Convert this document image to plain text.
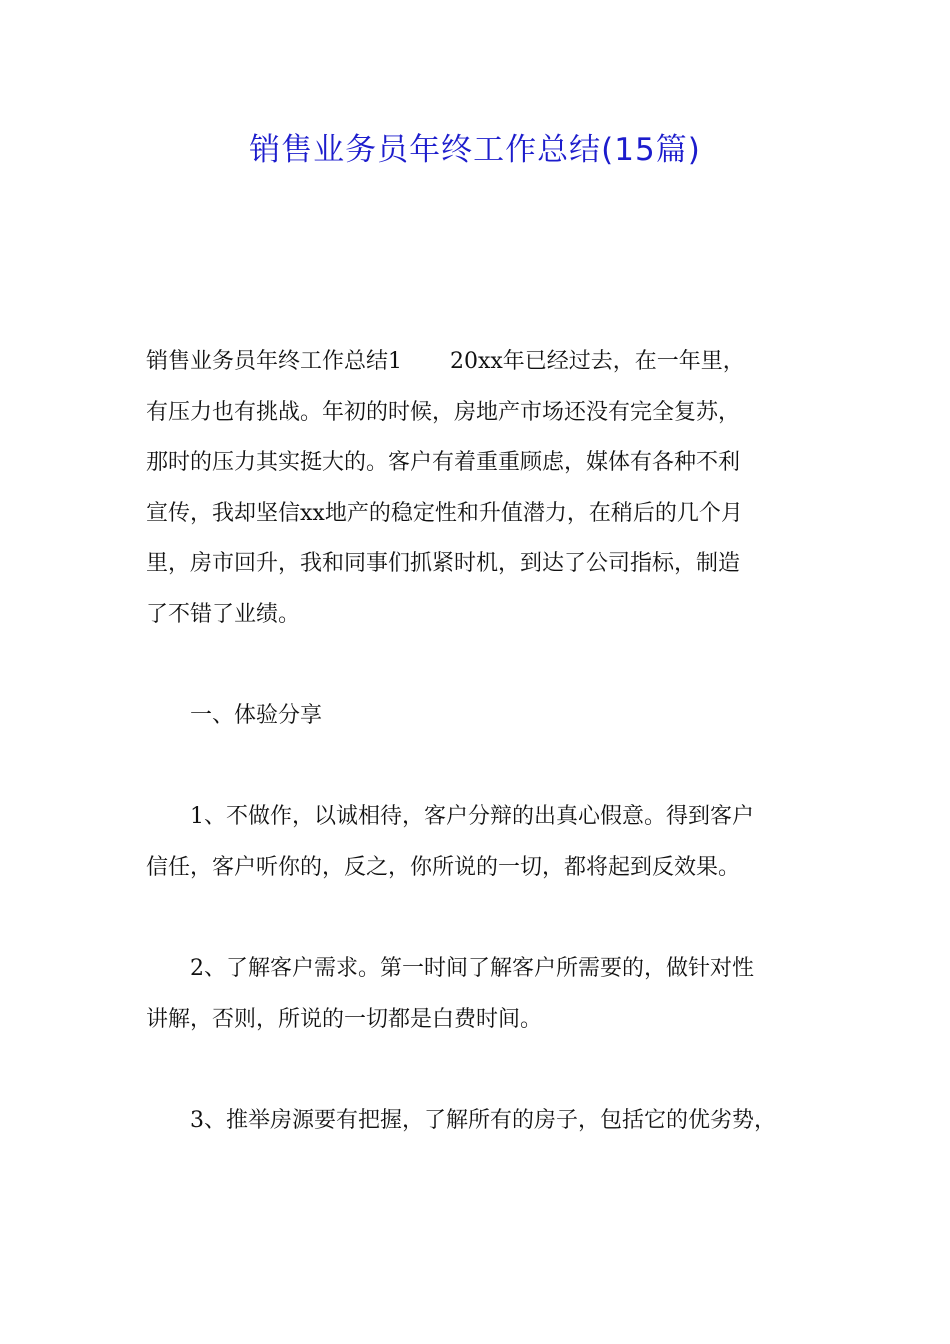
销售业务员年终工作总结(15篇)
销售业务员年终工作总结1 20xx年已经过去，在一年里，
有压力也有挑战。年初的时候，房地产市场还没有完全复苏，
那时的压力其实挺大的。客户有着重重顾虑，媒体有各种不利
宣传，我却坚信xx地产的稳定性和升值潜力，在稍后的几个月
里，房市回升，我和同事们抓紧时机，到达了公司指标，制造
了不错了业绩。
一、体验分享
1、不做作，以诚相待，客户分辩的出真心假意。得到客户
信任，客户听你的，反之，你所说的一切，都将起到反效果。
2、了解客户需求。第一时间了解客户所需要的，做针对性
讲解，否则，所说的一切都是白费时间。
3、推举房源要有把握，了解所有的房子，包括它的优劣势，
